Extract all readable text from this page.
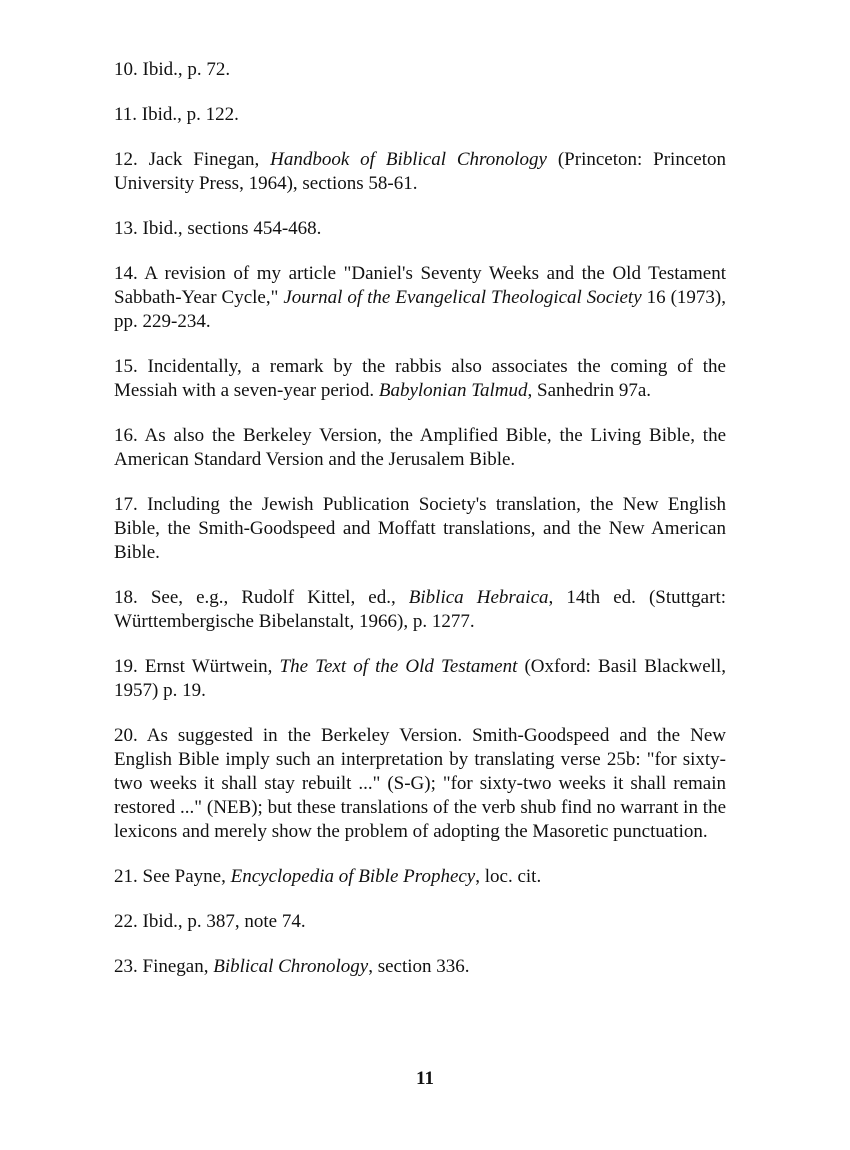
10. Ibid., p. 72.

11. Ibid., p. 122.

12. Jack Finegan, Handbook of Biblical Chronology (Princeton: Princeton University Press, 1964), sections 58-61.

13. Ibid., sections 454-468.

14. A revision of my article "Daniel's Seventy Weeks and the Old Testament Sabbath-Year Cycle," Journal of the Evangelical Theological Society 16 (1973), pp. 229-234.

15. Incidentally, a remark by the rabbis also associates the coming of the Messiah with a seven-year period. Babylonian Talmud, Sanhedrin 97a.

16. As also the Berkeley Version, the Amplified Bible, the Living Bible, the American Standard Version and the Jerusalem Bible.

17. Including the Jewish Publication Society's translation, the New English Bible, the Smith-Goodspeed and Moffatt translations, and the New American Bible.

18. See, e.g., Rudolf Kittel, ed., Biblica Hebraica, 14th ed. (Stuttgart: Württembergische Bibelanstalt, 1966), p. 1277.

19. Ernst Würtwein, The Text of the Old Testament (Oxford: Basil Blackwell, 1957) p. 19.

20. As suggested in the Berkeley Version. Smith-Goodspeed and the New English Bible imply such an interpretation by translating verse 25b: "for sixty-two weeks it shall stay rebuilt ..." (S-G); "for sixty-two weeks it shall remain restored ..." (NEB); but these translations of the verb shub find no warrant in the lexicons and merely show the problem of adopting the Masoretic punctuation.

21. See Payne, Encyclopedia of Bible Prophecy, loc. cit.

22. Ibid., p. 387, note 74.

23. Finegan, Biblical Chronology, section 336.

11
